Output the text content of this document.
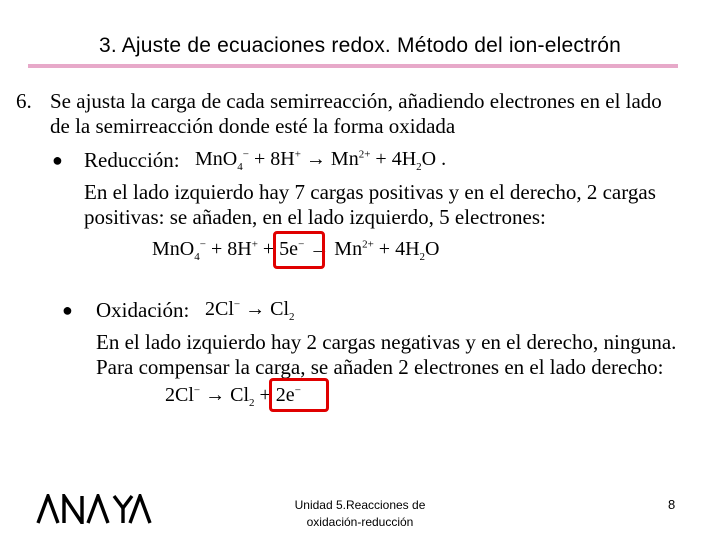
3. Ajuste de ecuaciones redox. Método del ion-electrón
6. Se ajusta la carga de cada semirreacción, añadiendo electrones en el lado
de la semirreacción donde esté la forma oxidada
● Reducción: $MnO_4^- + 8H^+ \to Mn^{2+} + 4H_2O$ .
En el lado izquierdo hay 7 cargas positivas y en el derecho, 2 cargas
positivas: se añaden, en el lado izquierdo, 5 electrones:
$MnO_4^- + 8H^+ + 5e^- \to Mn^{2+} + 4H_2O$
● Oxidación: $2Cl^- \to Cl_2$
En el lado izquierdo hay 2 cargas negativas y en el derecho, ninguna.
Para compensar la carga, se añaden 2 electrones en el lado derecho:
$2Cl^- \to Cl_2 + 2e^-$
Unidad 5.Reacciones de
oxidación-reducción
8
